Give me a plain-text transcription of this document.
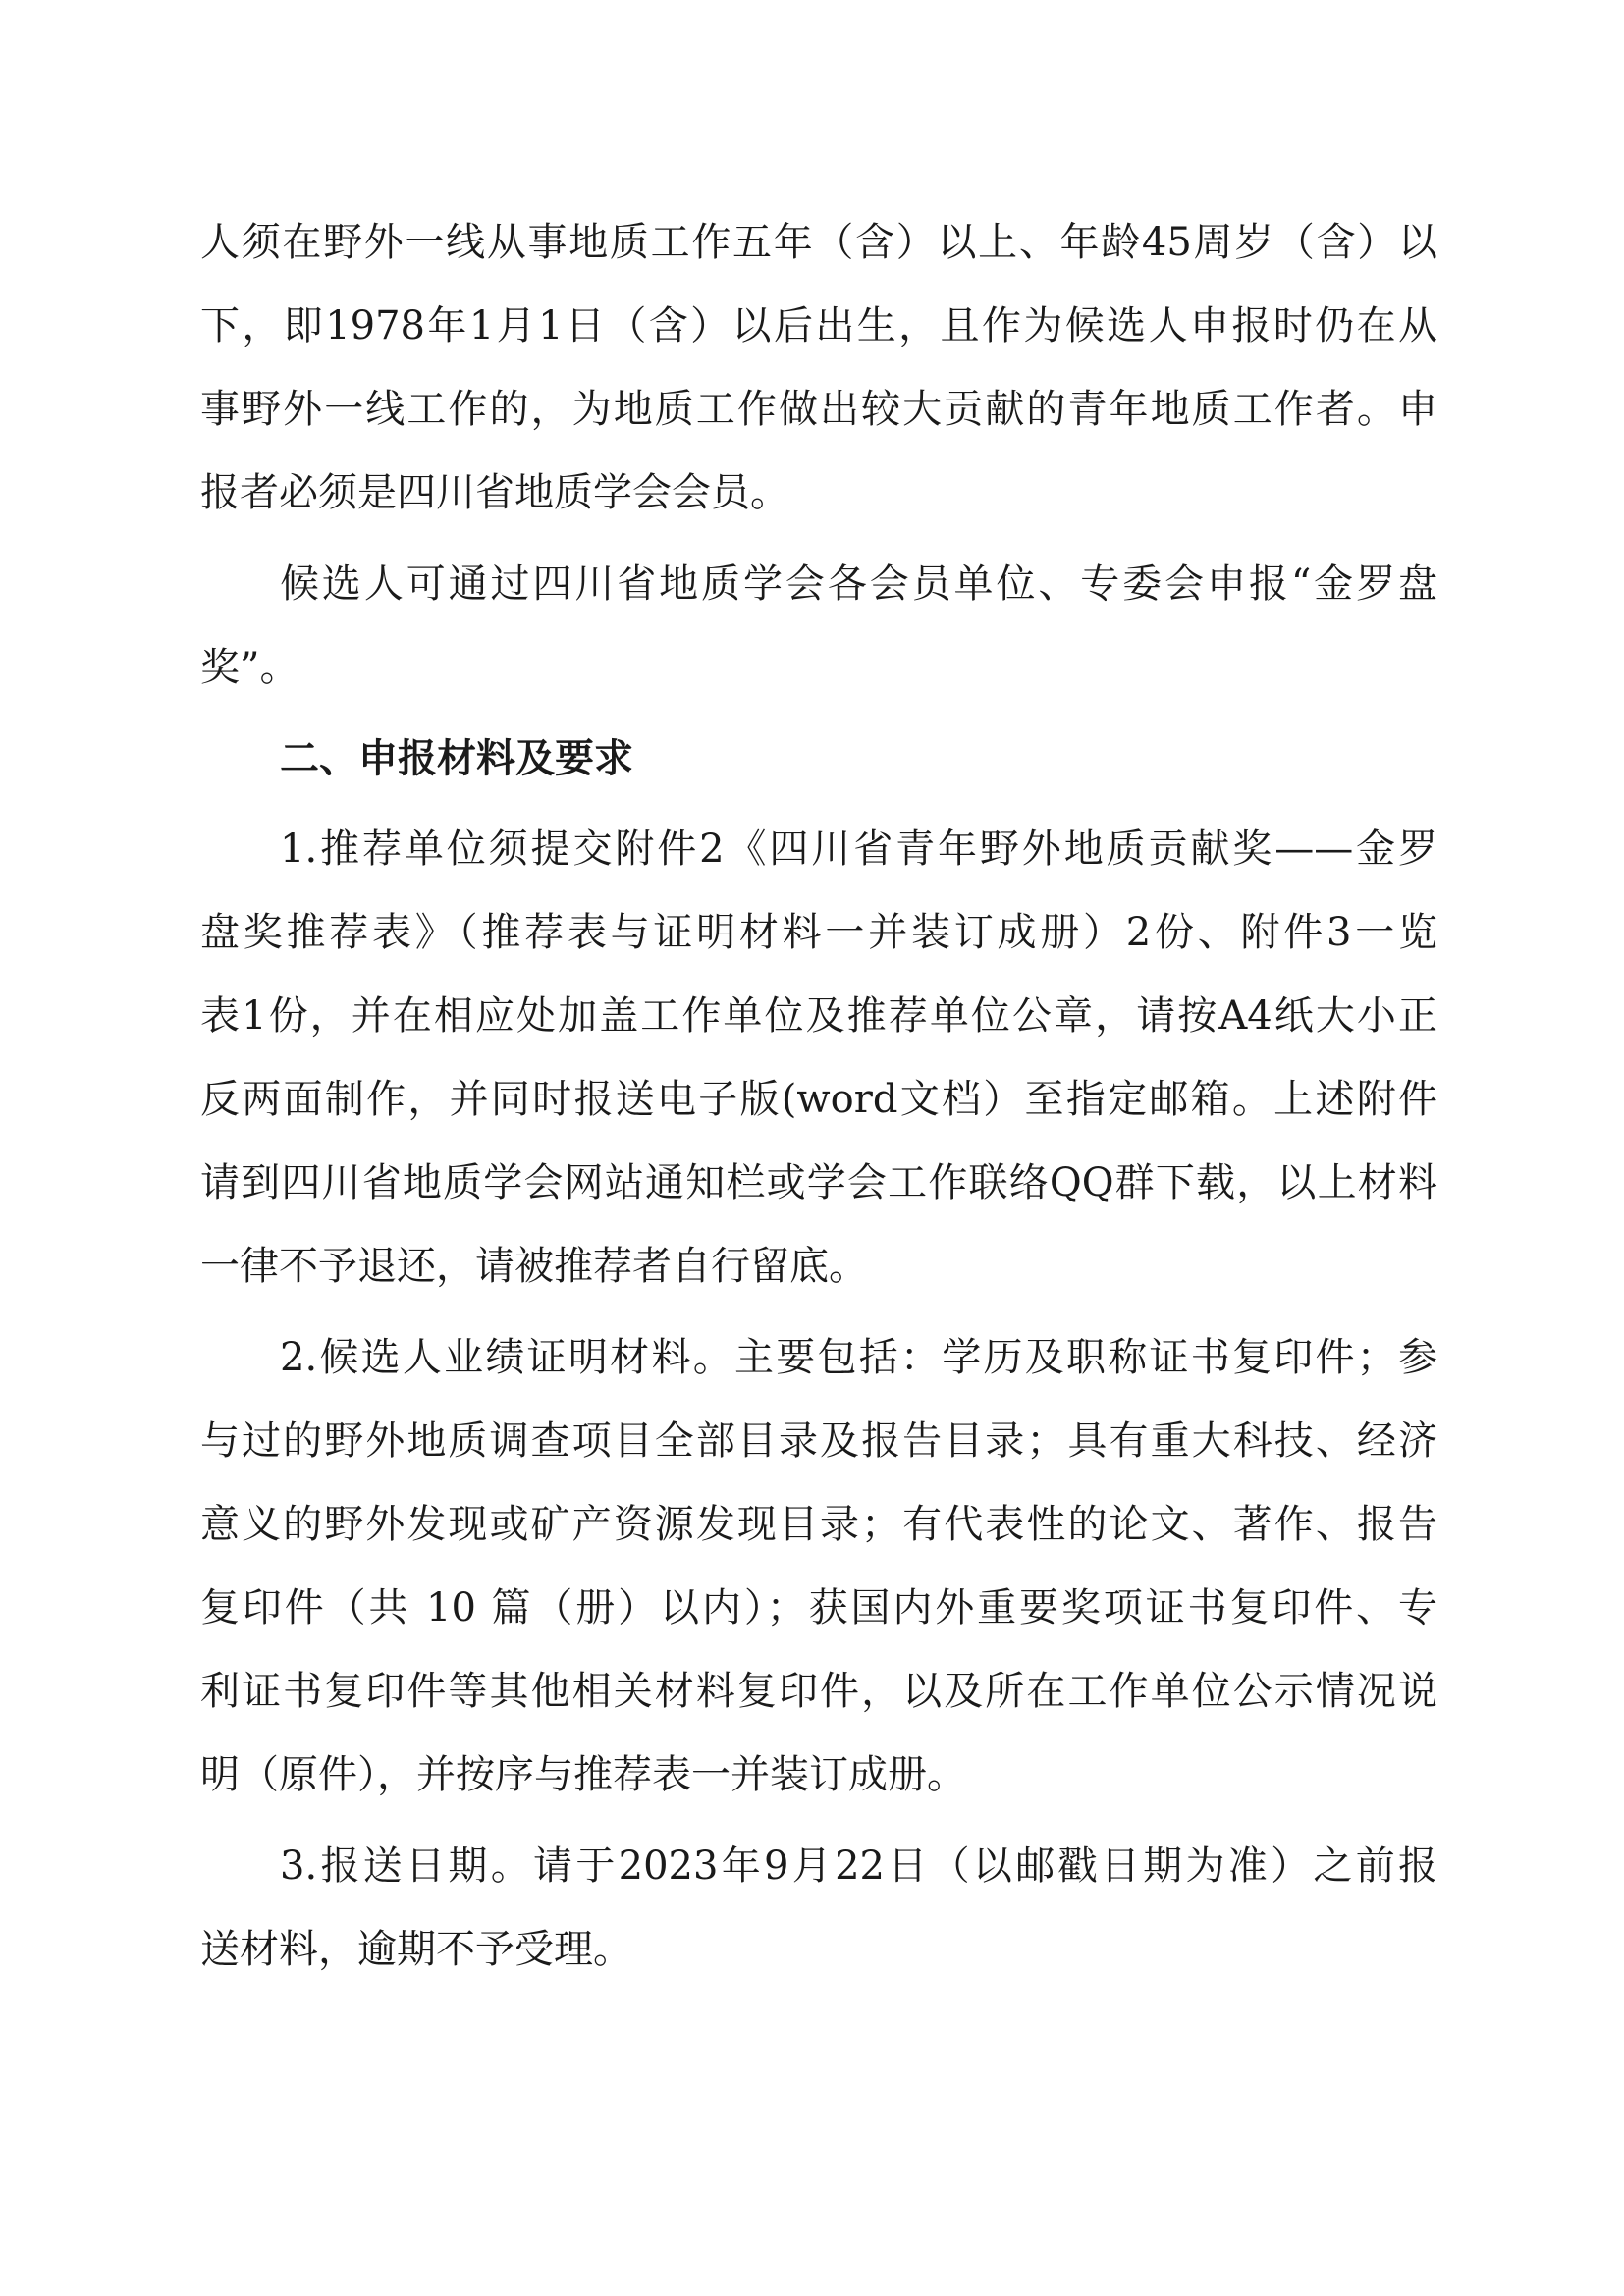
人须在野外一线从事地质工作五年（含）以上、年龄45周岁（含）以
下，即1978年1月1日（含）以后出生，且作为候选人申报时仍在从
事野外一线工作的，为地质工作做出较大贡献的青年地质工作者。申
报者必须是四川省地质学会会员。
候选人可通过四川省地质学会各会员单位、专委会申报“金罗盘
奖”。
二、申报材料及要求
1.推荐单位须提交附件2《四川省青年野外地质贡献奖——金罗
盘奖推荐表》（推荐表与证明材料一并装订成册）2份、附件3一览
表1份，并在相应处加盖工作单位及推荐单位公章，请按A4纸大小正
反两面制作，并同时报送电子版(word文档）至指定邮箱。上述附件
请到四川省地质学会网站通知栏或学会工作联络QQ群下载，以上材料
一律不予退还，请被推荐者自行留底。
2.候选人业绩证明材料。主要包括：学历及职称证书复印件；参
与过的野外地质调查项目全部目录及报告目录；具有重大科技、经济
意义的野外发现或矿产资源发现目录；有代表性的论文、著作、报告
复印件（共 10 篇（册）以内）；获国内外重要奖项证书复印件、专
利证书复印件等其他相关材料复印件，以及所在工作单位公示情况说
明（原件），并按序与推荐表一并装订成册。
3.报送日期。请于2023年9月22日（以邮戳日期为准）之前报
送材料，逾期不予受理。
